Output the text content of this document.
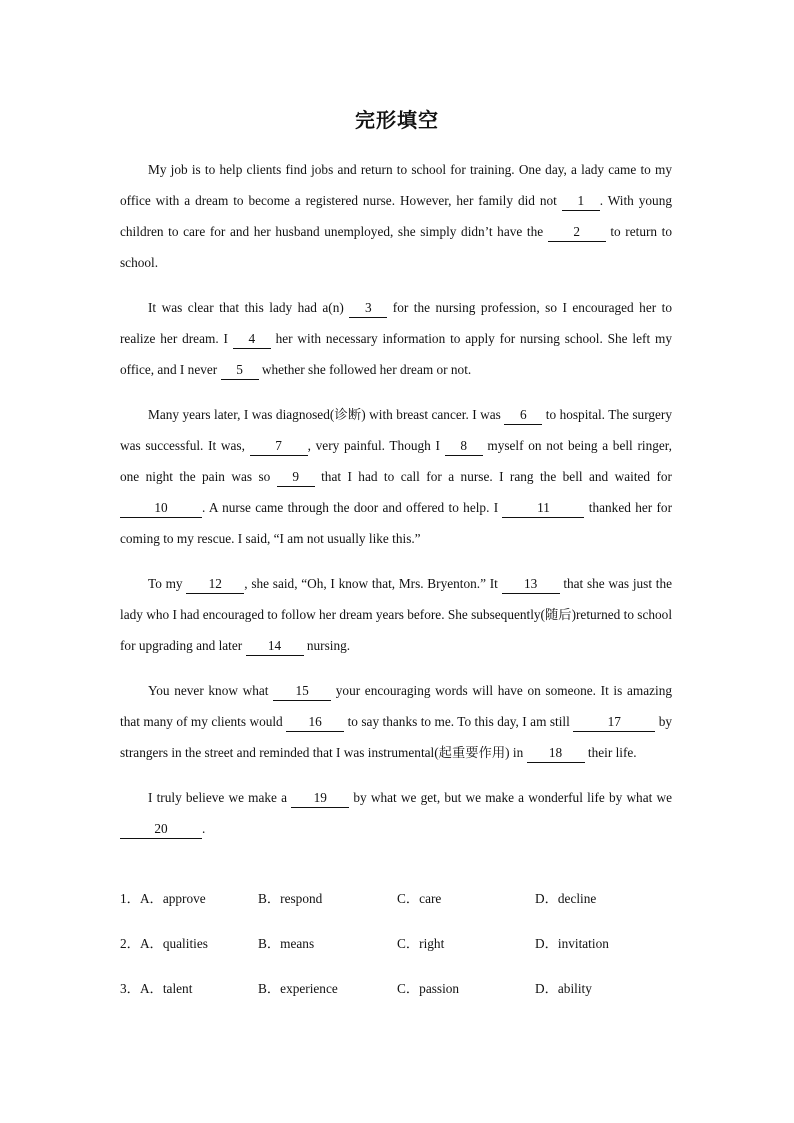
完形填空

My job is to help clients find jobs and return to school for training. One day, a lady came to my office with a dream to become a registered nurse. However, her family did not 1 . With young children to care for and her husband unemployed, she simply didn’t have the 2 to return to school.

It was clear that this lady had a(n) 3 for the nursing profession, so I encouraged her to realize her dream. I 4 her with necessary information to apply for nursing school. She left my office, and I never 5 whether she followed her dream or not.

Many years later, I was diagnosed(诊断) with breast cancer. I was 6 to hospital. The surgery was successful. It was, 7 , very painful. Though I 8 myself on not being a bell ringer, one night the pain was so 9 that I had to call for a nurse. I rang the bell and waited for 10	. A nurse came through the door and offered to help. I	11	thanked her for coming to my rescue. I said, “I am not usually like this.”

To my 12 , she said, “Oh, I know that, Mrs. Bryenton.” It 13 that she was just the lady who I had encouraged to follow her dream years before. She subsequently(随后)returned to school for upgrading and later 14 nursing.

You never know what 15 your encouraging words will have on someone. It is amazing that many of my clients would 16 to say thanks to me. To this day, I am still	17	by strangers in the street and reminded that I was instrumental(起重要作用) in 18 their life.

I truly believe we make a 19 by what we get, but we make a wonderful life by what we 20	.

1．A．approve	B．respond	C．care	D．decline
2．A．qualities	B．means	C．right	D．invitation
3．A．talent	B．experience	C．passion	D．ability
